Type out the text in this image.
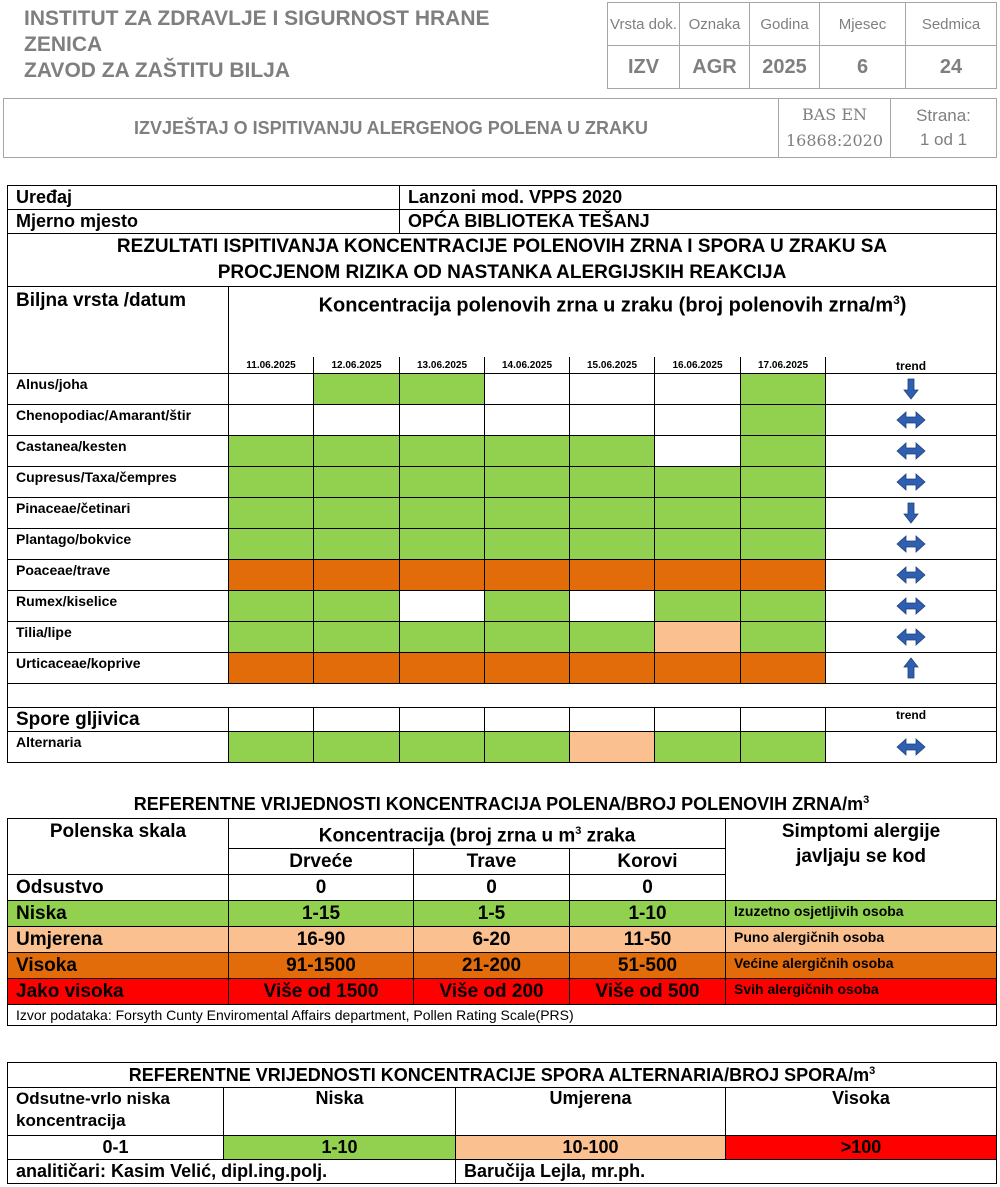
INSTITUT ZA ZDRAVLJE I SIGURNOST HRANE
ZENICA
ZAVOD ZA ZAŠTITU BILJA
Vrsta dok.	Oznaka	Godina	Mjesec	Sedmica
IZV	AGR	2025	6	24
IZVJEŠTAJ O ISPITIVANJU ALERGENOG POLENA U ZRAKU	
BAS EN
16868:2020

Strana:
1 od 1
Uređaj			Lanzoni mod. VPPS 2020					
Mjerno mjesto			OPĆA BIBLIOTEKA TEŠANJ					

REZULTATI ISPITIVANJA KONCENTRACIJE POLENOVIH ZRNA I SPORA U ZRAKU SA
PROCJENOM RIZIKA OD NASTANKA ALERGIJSKIH REAKCIJA								

Biljna vrsta /datum	Koncentracija polenovih zrna u zraku (broj polenovih zrna/$m^3$)							
	11.06.2025	12.06.2025	13.06.2025	14.06.2025	15.06.2025	16.06.2025	17.06.2025	trend
Alnus/joha								

Chenopodiac/Amarant/štir								

Castanea/kesten								

Cupresus/Taxa/čempres								

Pinaceae/četinari								

Plantago/bokvice								

Poaceae/trave								

Rumex/kiselice								

Tilia/lipe								

Urticaceae/koprive								

Spore gljivica								trend
Alternaria								
REFERENTNE VRIJEDNOSTI KONCENTRACIJA POLENA/BROJ POLENOVIH ZRNA/$m^3$
Polenska skala	Koncentracija (broj zrna u $m^3$ zraka			Simptomi alergije
javljaju se kod

	Drveće	Trave	Korovi	
Odsustvo	0	0	0	
Niska	1-15	1-5	1-10	Izuzetno osjetljivih osoba
Umjerena	16-90	6-20	11-50	Puno alergičnih osoba
Visoka	91-1500	21-200	51-500	Većine alergičnih osoba
Jako visoka	Više od 1500	Više od 200	Više od 500	Svih alergičnih osoba
Izvor podataka: Forsyth Cunty Enviromental Affairs department, Pollen Rating Scale(PRS)				
REFERENTNE VRIJEDNOSTI KONCENTRACIJE SPORA ALTERNARIA/BROJ SPORA/$m^3$
Odsutne-vrlo niska koncentracija	Niska	Umjerena	Visoka
0-1	1-10	10-100	>100
analitičari: Kasim Velić, dipl.ing.polj.		Baručija Lejla, mr.ph.	
